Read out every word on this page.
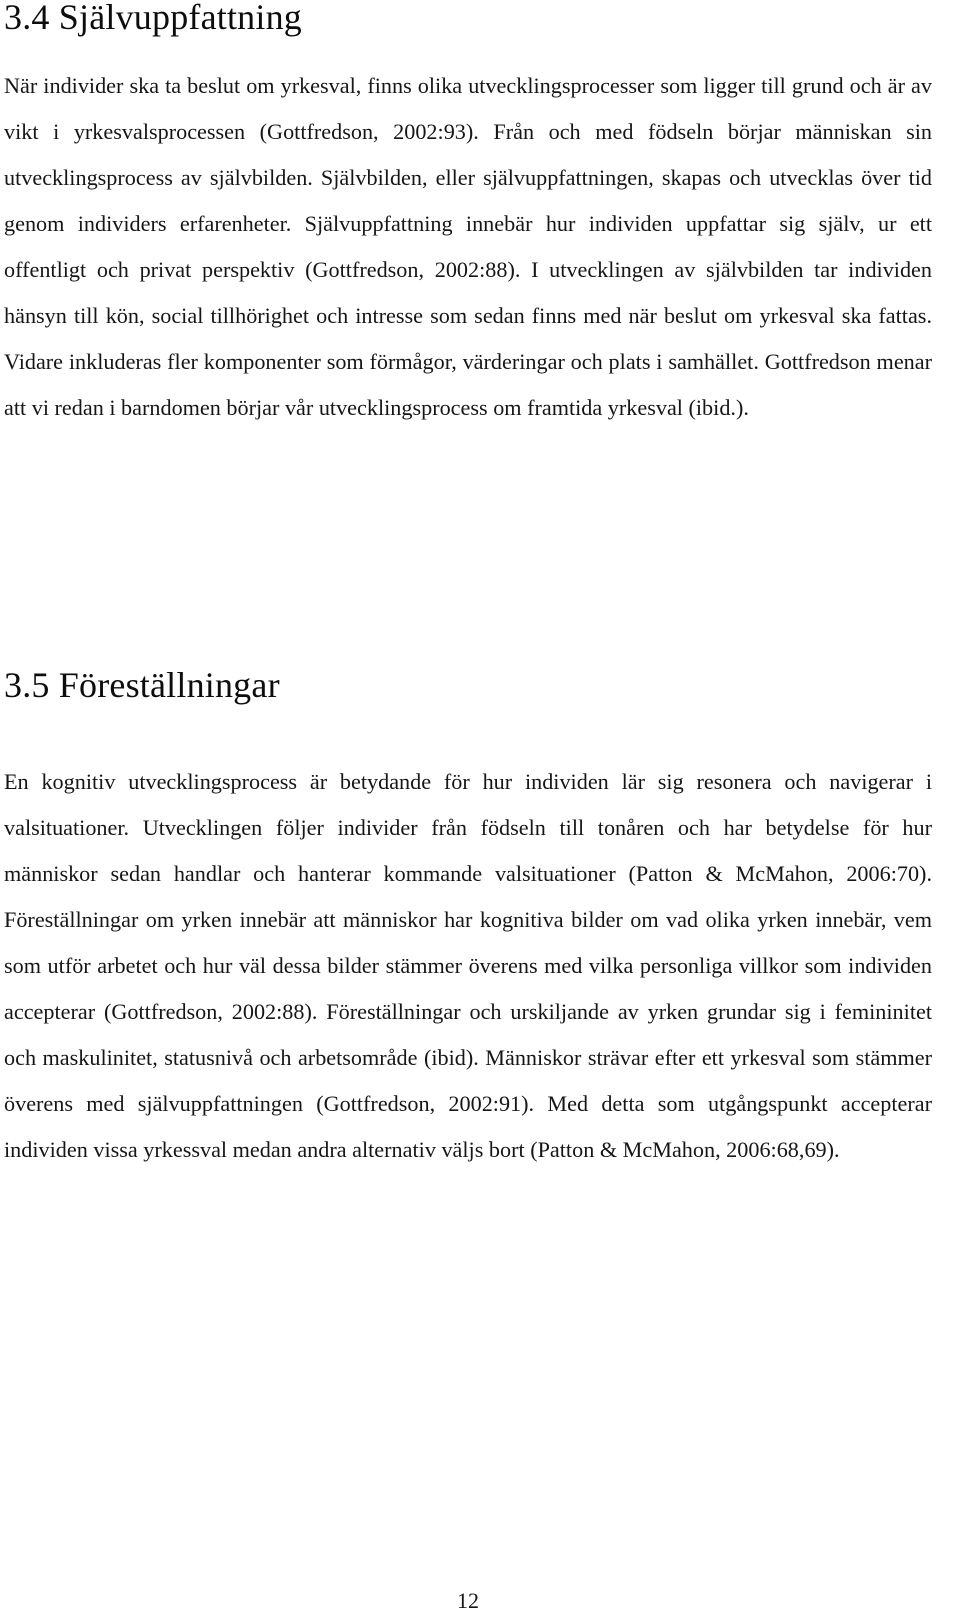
3.4 Självuppfattning

När individer ska ta beslut om yrkesval, finns olika utvecklingsprocesser som ligger till grund och är av vikt i yrkesvalsprocessen (Gottfredson, 2002:93). Från och med födseln börjar människan sin utvecklingsprocess av självbilden. Självbilden, eller självuppfattningen, skapas och utvecklas över tid genom individers erfarenheter. Självuppfattning innebär hur individen uppfattar sig själv, ur ett offentligt och privat perspektiv (Gottfredson, 2002:88). I utvecklingen av självbilden tar individen hänsyn till kön, social tillhörighet och intresse som sedan finns med när beslut om yrkesval ska fattas. Vidare inkluderas fler komponenter som förmågor, värderingar och plats i samhället. Gottfredson menar att vi redan i barndomen börjar vår utvecklingsprocess om framtida yrkesval (ibid.).

3.5 Föreställningar

En kognitiv utvecklingsprocess är betydande för hur individen lär sig resonera och navigerar i valsituationer. Utvecklingen följer individer från födseln till tonåren och har betydelse för hur människor sedan handlar och hanterar kommande valsituationer (Patton & McMahon, 2006:70). Föreställningar om yrken innebär att människor har kognitiva bilder om vad olika yrken innebär, vem som utför arbetet och hur väl dessa bilder stämmer överens med vilka personliga villkor som individen accepterar (Gottfredson, 2002:88). Föreställningar och urskiljande av yrken grundar sig i femininitet och maskulinitet, statusnivå och arbetsområde (ibid). Människor strävar efter ett yrkesval som stämmer överens med självuppfattningen (Gottfredson, 2002:91). Med detta som utgångspunkt accepterar individen vissa yrkessval medan andra alternativ väljs bort (Patton & McMahon, 2006:68,69).

12
